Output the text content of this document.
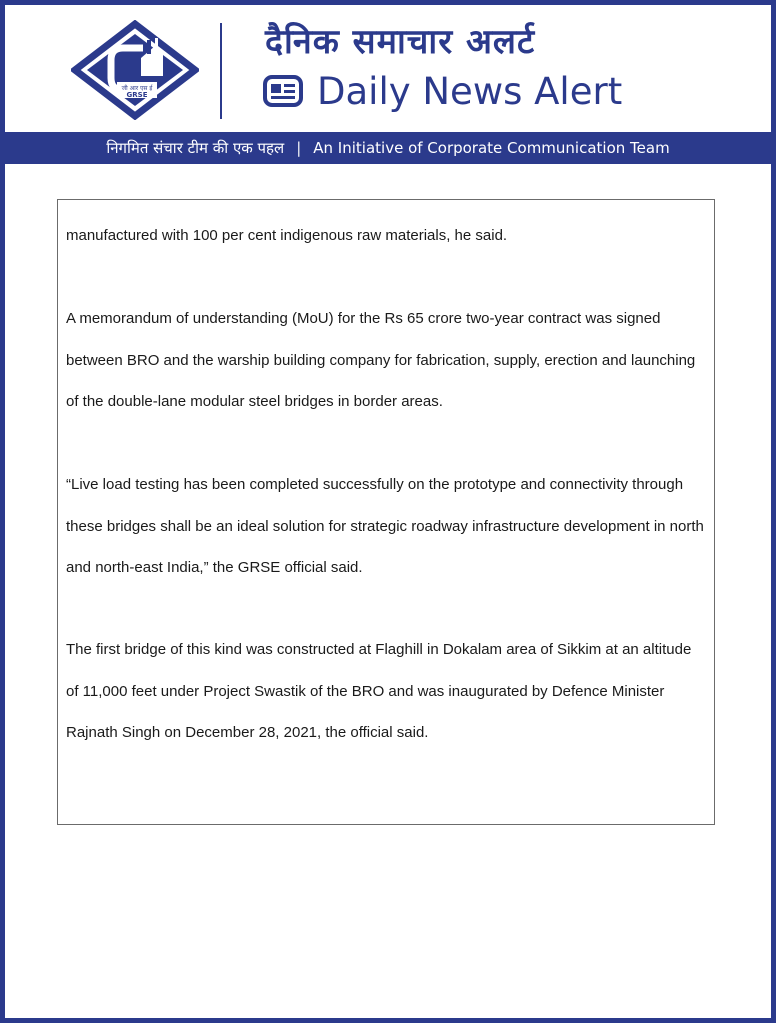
जी आर एस ई
GRSE
दैनिक समाचार अलर्ट
Daily News Alert
निगमित संचार टीम की एक पहल | An Initiative of Corporate Communication Team

manufactured with 100 per cent indigenous raw materials, he said.

A memorandum of understanding (MoU) for the Rs 65 crore two-year contract was signed between BRO and the warship building company for fabrication, supply, erection and launching of the double-lane modular steel bridges in border areas.

“Live load testing has been completed successfully on the prototype and connectivity through these bridges shall be an ideal solution for strategic roadway infrastructure development in north and north-east India,” the GRSE official said.

The first bridge of this kind was constructed at Flaghill in Dokalam area of Sikkim at an altitude of 11,000 feet under Project Swastik of the BRO and was inaugurated by Defence Minister Rajnath Singh on December 28, 2021, the official said.
